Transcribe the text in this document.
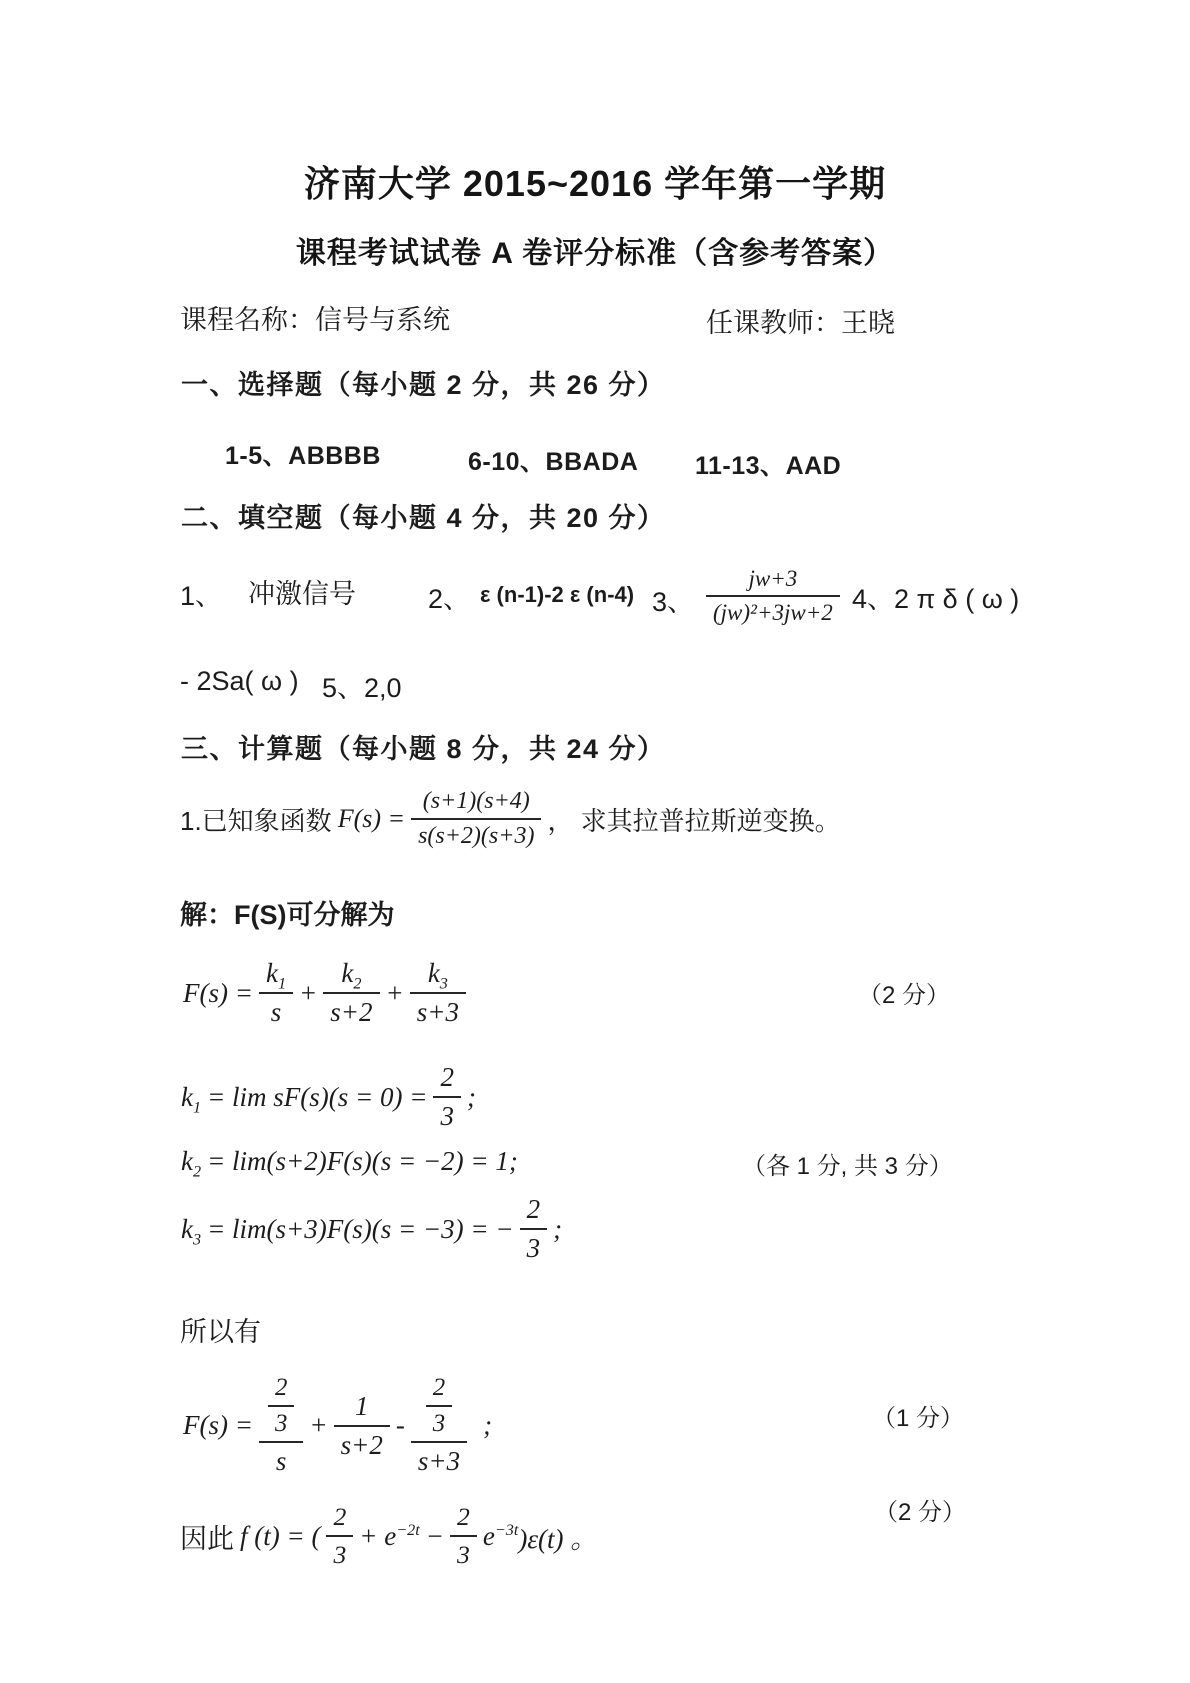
济南大学 2015~2016 学年第一学期
课程考试试卷 A 卷评分标准（含参考答案）
课程名称：信号与系统	任课教师：王晓
一、选择题（每小题 2 分，共 26 分）
1-5、ABBBB	6-10、BBADA 11-13、AAD
二、填空题（每小题 4 分，共 20 分）
1、 冲激信号	2、 ε (n-1)-2 ε (n-4) 3、 $\frac{jw+3}{\text{(jw)²+3jw+2}} 4$、2 π δ ( ω )
- 2Sa( ω ) 5、2,0
三、计算题（每小题 8 分，共 24 分）
1.已知象函数 $F(s) = \frac{(s+1)(s+4)}{s(s+2)(s+3)}$ ， 求其拉普拉斯逆变换。
解：F(S)可分解为
$F(s) = \frac{k_1}{s} + \frac{k_2}{s+2} + \frac{k_3}{s+3}$	（2 分）
$k_1 = \lim sF(s)(s = 0) = \frac{2}{3}$ ;
$k_2 = \lim(s+2)F(s)(s = -2) = 1$;	（各 1 分, 共 3 分）
$k_3 = \lim(s+3)F(s)(s = -3)$ = − $\frac{2}{3}$ ;
所以有
$F(s) = \frac{\frac{2}{3}}{s} + \frac{1}{s+2} - \frac{\frac{2}{3}}{s+3}$ ;	（1 分）
因此 f (t) = ( $\frac{2}{3} + e^{-2t} - \frac{2}{3} e^{-3t}$ )ε(t) 。
（2 分）
